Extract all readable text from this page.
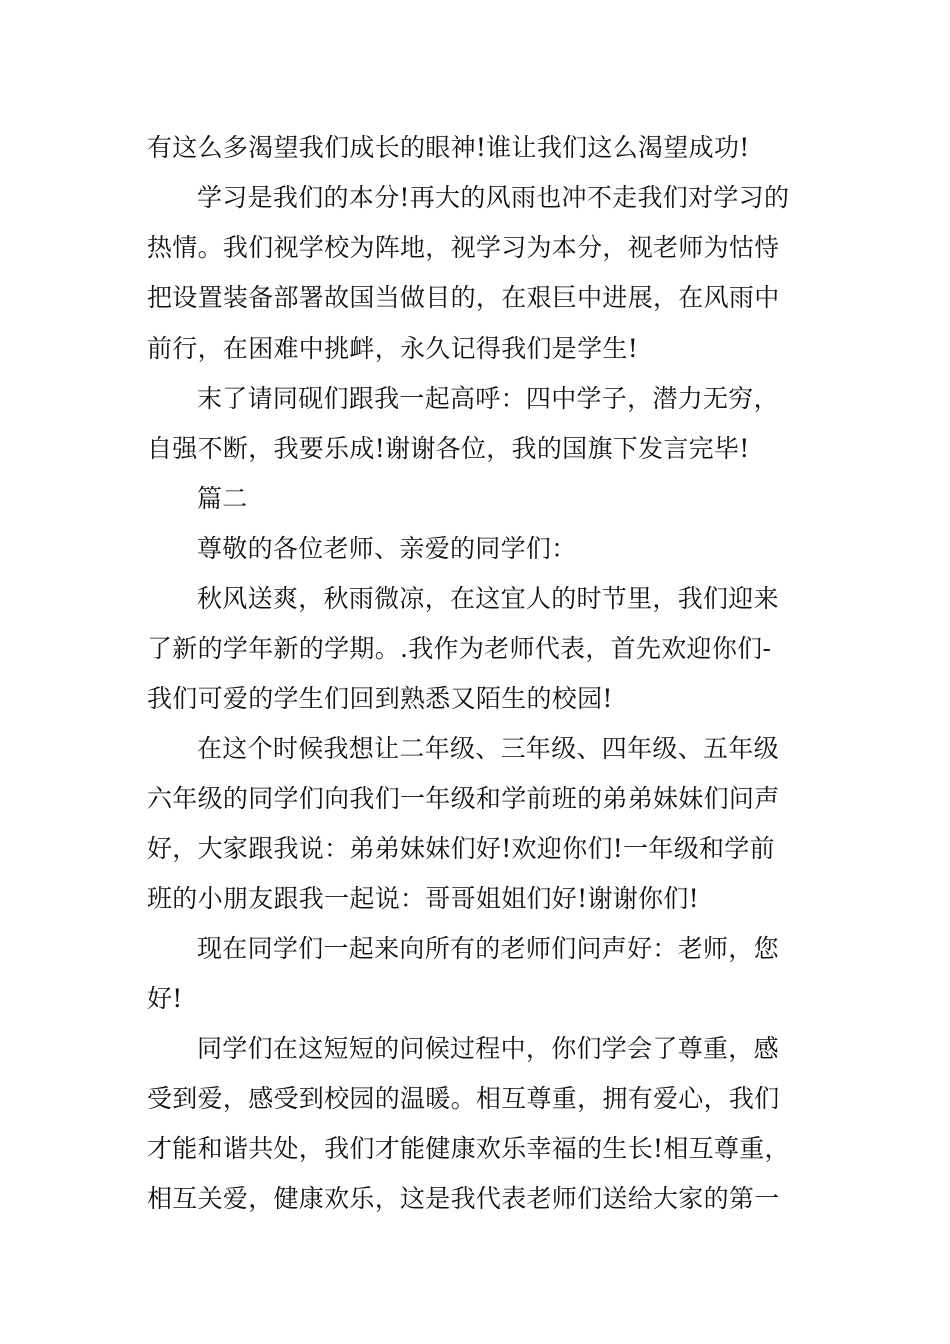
有这么多渴望我们成长的眼神!谁让我们这么渴望成功!
学习是我们的本分!再大的风雨也冲不走我们对学习的
热情。我们视学校为阵地，视学习为本分，视老师为怙恃
把设置装备部署故国当做目的，在艰巨中进展，在风雨中
前行，在困难中挑衅，永久记得我们是学生!
末了请同砚们跟我一起高呼：四中学子，潜力无穷，
自强不断，我要乐成!谢谢各位，我的国旗下发言完毕!
篇二
尊敬的各位老师、亲爱的同学们：
秋风送爽，秋雨微凉，在这宜人的时节里，我们迎来
了新的学年新的学期。.我作为老师代表，首先欢迎你们-
我们可爱的学生们回到熟悉又陌生的校园!
在这个时候我想让二年级、三年级、四年级、五年级
六年级的同学们向我们一年级和学前班的弟弟妹妹们问声
好，大家跟我说：弟弟妹妹们好!欢迎你们!一年级和学前
班的小朋友跟我一起说：哥哥姐姐们好!谢谢你们!
现在同学们一起来向所有的老师们问声好：老师，您
好!
同学们在这短短的问候过程中，你们学会了尊重，感
受到爱，感受到校园的温暖。相互尊重，拥有爱心，我们
才能和谐共处，我们才能健康欢乐幸福的生长!相互尊重，
相互关爱，健康欢乐，这是我代表老师们送给大家的第一
